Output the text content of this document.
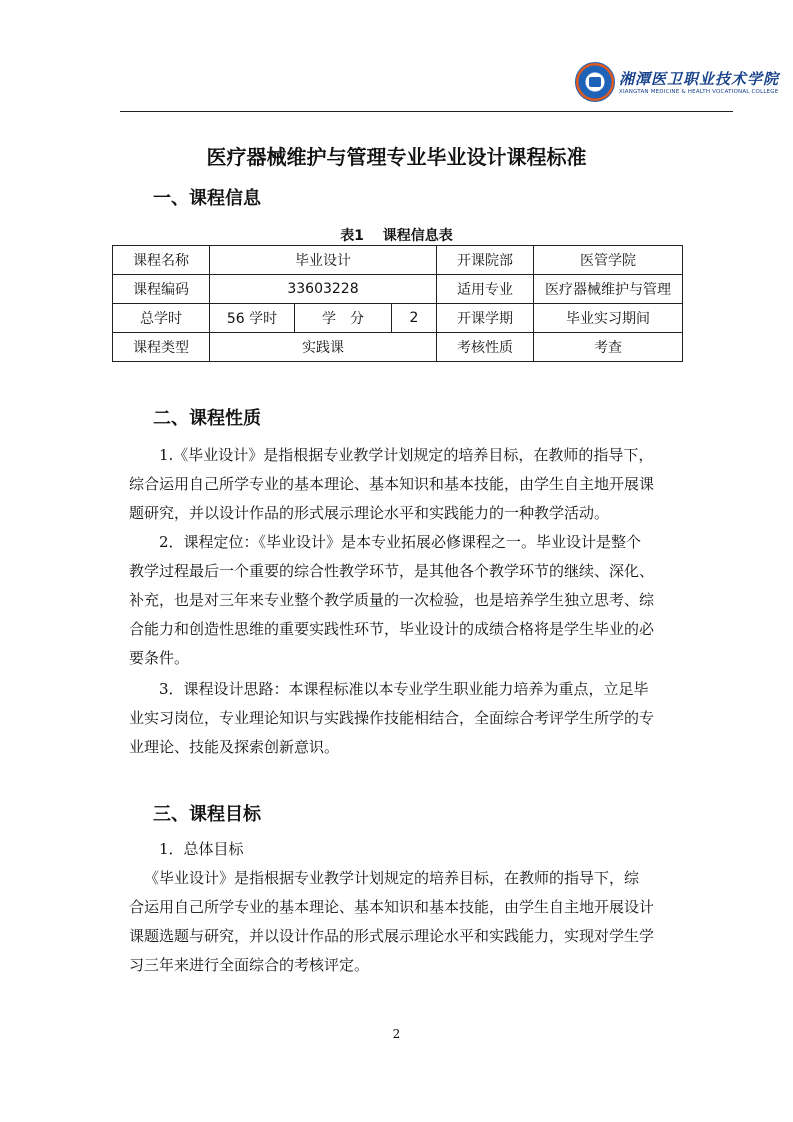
湘潭医卫职业技术学院
XIANGTAN MEDICINE & HEALTH VOCATIONAL COLLEGE
医疗器械维护与管理专业毕业设计课程标准
一、课程信息
表1　 课程信息表
课程名称	毕业设计			开课院部	医管学院
课程编码	33603228			适用专业	医疗器械维护与管理
总学时	56 学时	学　分	2	开课学期	毕业实习期间
课程类型	实践课			考核性质	考查
二、课程性质
1.《毕业设计》是指根据专业教学计划规定的培养目标，在教师的指导下，
综合运用自己所学专业的基本理论、基本知识和基本技能，由学生自主地开展课
题研究，并以设计作品的形式展示理论水平和实践能力的一种教学活动。
2．课程定位：《毕业设计》是本专业拓展必修课程之一。毕业设计是整个
教学过程最后一个重要的综合性教学环节，是其他各个教学环节的继续、深化、
补充，也是对三年来专业整个教学质量的一次检验，也是培养学生独立思考、综
合能力和创造性思维的重要实践性环节，毕业设计的成绩合格将是学生毕业的必
要条件。
3．课程设计思路：本课程标准以本专业学生职业能力培养为重点，立足毕
业实习岗位，专业理论知识与实践操作技能相结合，全面综合考评学生所学的专
业理论、技能及探索创新意识。
三、课程目标
1．总体目标
《毕业设计》是指根据专业教学计划规定的培养目标，在教师的指导下，综
合运用自己所学专业的基本理论、基本知识和基本技能，由学生自主地开展设计
课题选题与研究，并以设计作品的形式展示理论水平和实践能力，实现对学生学
习三年来进行全面综合的考核评定。
2
